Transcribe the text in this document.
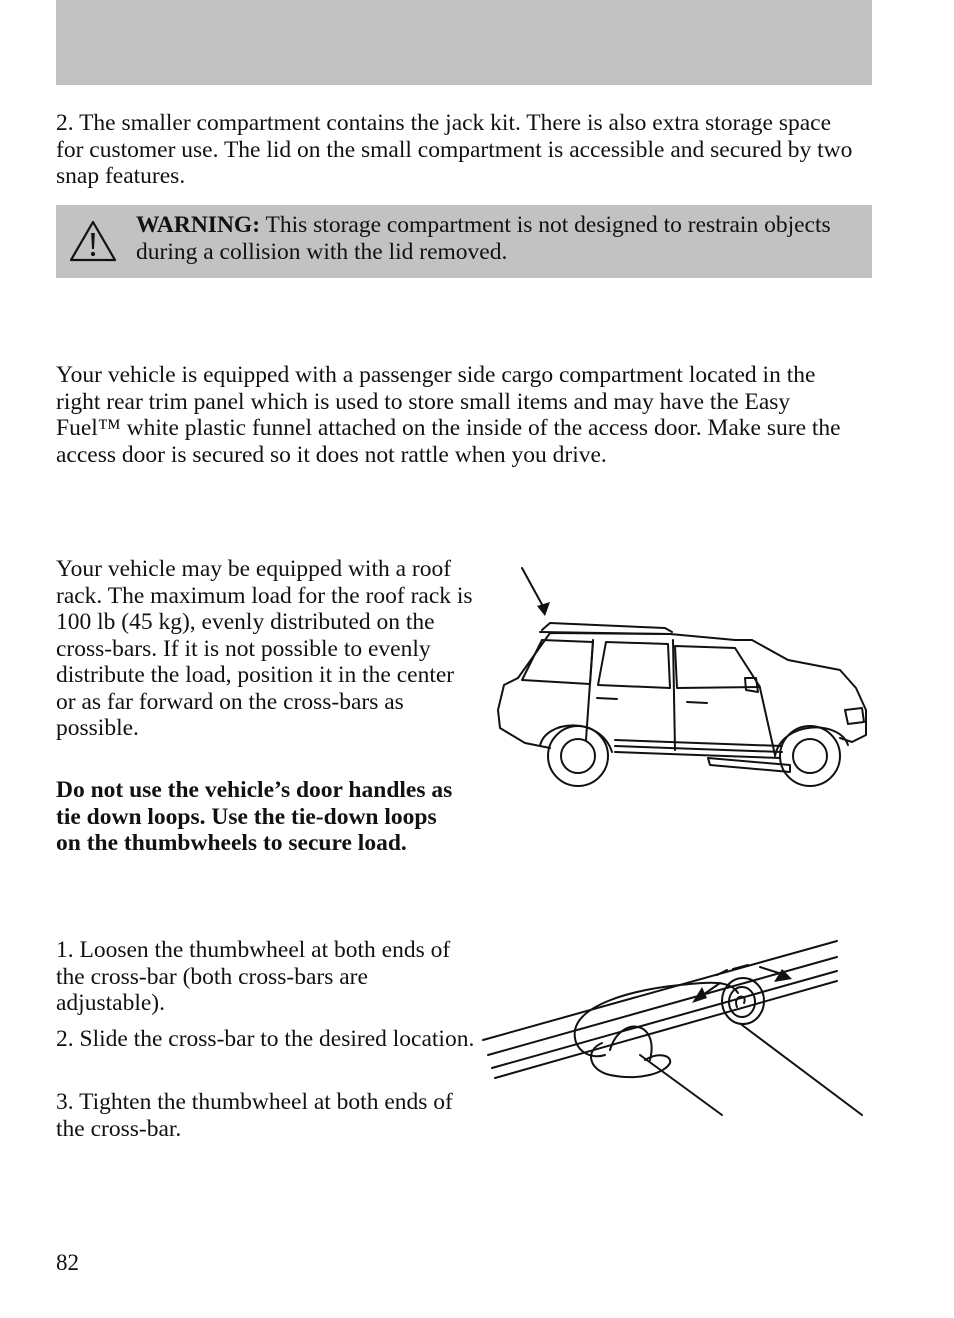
2. The smaller compartment contains the jack kit. There is also extra storage space for customer use. The lid on the small compartment is accessible and secured by two snap features.

WARNING: This storage compartment is not designed to restrain objects during a collision with the lid removed.

Your vehicle is equipped with a passenger side cargo compartment located in the right rear trim panel which is used to store small items and may have the Easy Fuel™ white plastic funnel attached on the inside of the access door. Make sure the access door is secured so it does not rattle when you drive.

Your vehicle may be equipped with a roof rack. The maximum load for the roof rack is 100 lb (45 kg), evenly distributed on the cross-bars. If it is not possible to evenly distribute the load, position it in the center or as far forward on the cross-bars as possible.

Do not use the vehicle’s door handles as tie down loops. Use the tie-down loops on the thumbwheels to secure load.

1. Loosen the thumbwheel at both ends of the cross-bar (both cross-bars are adjustable).

2. Slide the cross-bar to the desired location.

3. Tighten the thumbwheel at both ends of the cross-bar.

82
